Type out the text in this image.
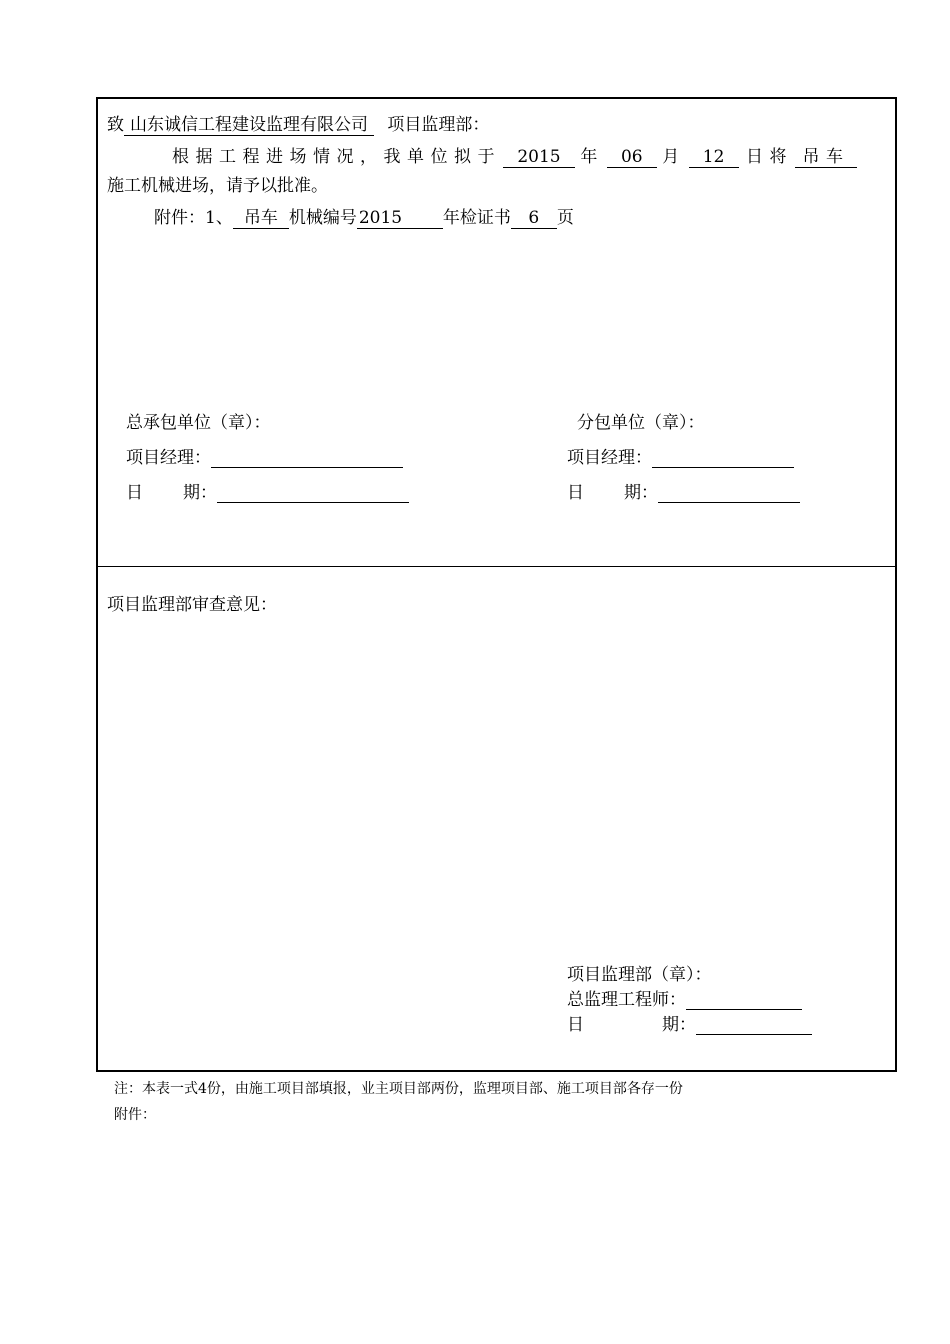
致 山东诚信工程建设监理有限公司 项目监理部：
根据工程进场情况，我单位拟于 2015 年 06 月 12 日将 吊车
施工机械进场，请予以批准。
附件：1、 吊车 机械编号 2015 年检证书 6 页
总承包单位（章）：
项目经理：
日 期：
分包单位（章）：
项目经理：
日 期：
项目监理部审查意见：
项目监理部（章）：
总监理工程师：
日	期：
注：本表一式4份，由施工项目部填报，业主项目部两份，监理项目部、施工项目部各存一份
附件：
